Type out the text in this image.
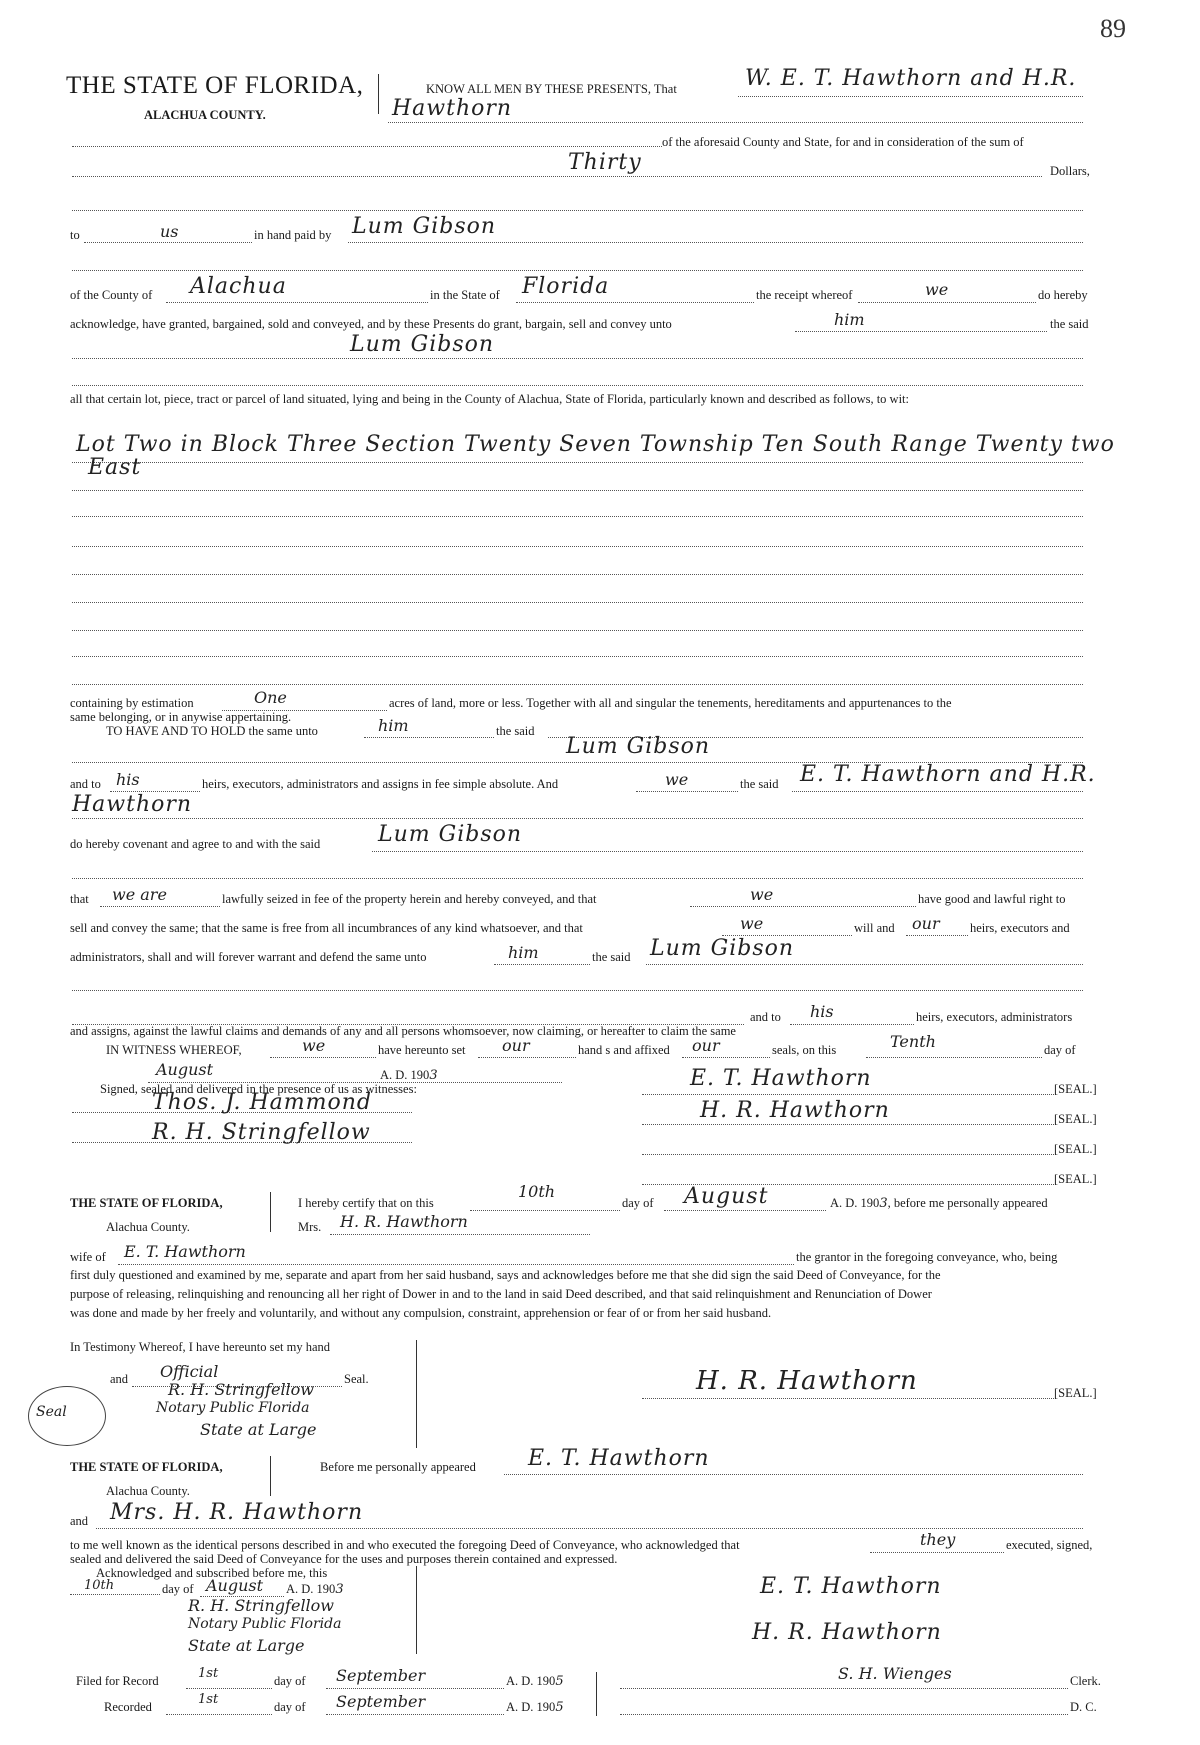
89
THE STATE OF FLORIDA,
ALACHUA COUNTY.
KNOW ALL MEN BY THESE PRESENTS, That	W. E. T. Hawthorn and H.R.
Hawthorn
of the aforesaid County and State, for and in consideration of the sum of
Thirty	Dollars,
to	us	in hand paid by Lum Gibson
of the County of Alachua	in the State of Florida	the receipt whereof	we	do hereby
acknowledge, have granted, bargained, sold and conveyed, and by these Presents do grant, bargain, sell and convey unto	him	the said
Lum Gibson
all that certain lot, piece, tract or parcel of land situated, lying and being in the County of Alachua, State of Florida, particularly known and described as follows, to wit:
Lot Two in Block Three Section Twenty Seven Township Ten South Range Twenty two
East
containing by estimation	One	acres of land, more or less. Together with all and singular the tenements, hereditaments and appurtenances to the
same belonging, or in anywise appertaining.
TO HAVE AND TO HOLD the same unto	him	the said
Lum Gibson
and to his	heirs, executors, administrators and assigns in fee simple absolute. And	we	the said E. T. Hawthorn and H.R.
Hawthorn
do hereby covenant and agree to and with the said	Lum Gibson
that we are	lawfully seized in fee of the property herein and hereby conveyed, and that	we	have good and lawful right to
sell and convey the same; that the same is free from all incumbrances of any kind whatsoever, and that	we	will and our heirs, executors and
administrators, shall and will forever warrant and defend the same unto	him	the said Lum Gibson
and to his	heirs, executors, administrators
and assigns, against the lawful claims and demands of any and all persons whomsoever, now claiming, or hereafter to claim the same
IN WITNESS WHEREOF,	we	have hereunto set our	hand s and affixed our	seals, on this	Tenth	day of
August	A. D. 1903
Signed, sealed and delivered in the presence of us as witnesses:
Thos. J. Hammond
R. H. Stringfellow
E. T. Hawthorn	[SEAL.]
H. R. Hawthorn	[SEAL.]
[SEAL.]
[SEAL.]
THE STATE OF FLORIDA,
Alachua County.
I hereby certify that on this
10th
day of August	A. D. 1903, before me personally appeared
Mrs. H. R. Hawthorn
wife of E. T. Hawthorn	the grantor in the foregoing conveyance, who, being
first duly questioned and examined by me, separate and apart from her said husband, says and acknowledges before me that she did sign the said Deed of Conveyance, for the
purpose of releasing, relinquishing and renouncing all her right of Dower in and to the land in said Deed described, and that said relinquishment and Renunciation of Dower
was done and made by her freely and voluntarily, and without any compulsion, constraint, apprehension or fear of or from her said husband.
In Testimony Whereof, I have hereunto set my hand
and Official	Seal.
R. H. Stringfellow
Notary Public Florida
State at Large
Seal
H. R. Hawthorn	[SEAL.]
THE STATE OF FLORIDA,
Alachua County.
Before me personally appeared E. T. Hawthorn
and Mrs. H. R. Hawthorn
to me well known as the identical persons described in and who executed the foregoing Deed of Conveyance, who acknowledged that	they	executed, signed,
sealed and delivered the said Deed of Conveyance for the uses and purposes therein contained and expressed.
Acknowledged and subscribed before me, this
10th	day of August A. D. 1903
R. H. Stringfellow
Notary Public Florida
State at Large
E. T. Hawthorn
H. R. Hawthorn
Filed for Record	1st	day of September	A. D. 1905
Recorded	1st	day of September	A. D. 1905
S. H. Wienges	Clerk.
D. C.
